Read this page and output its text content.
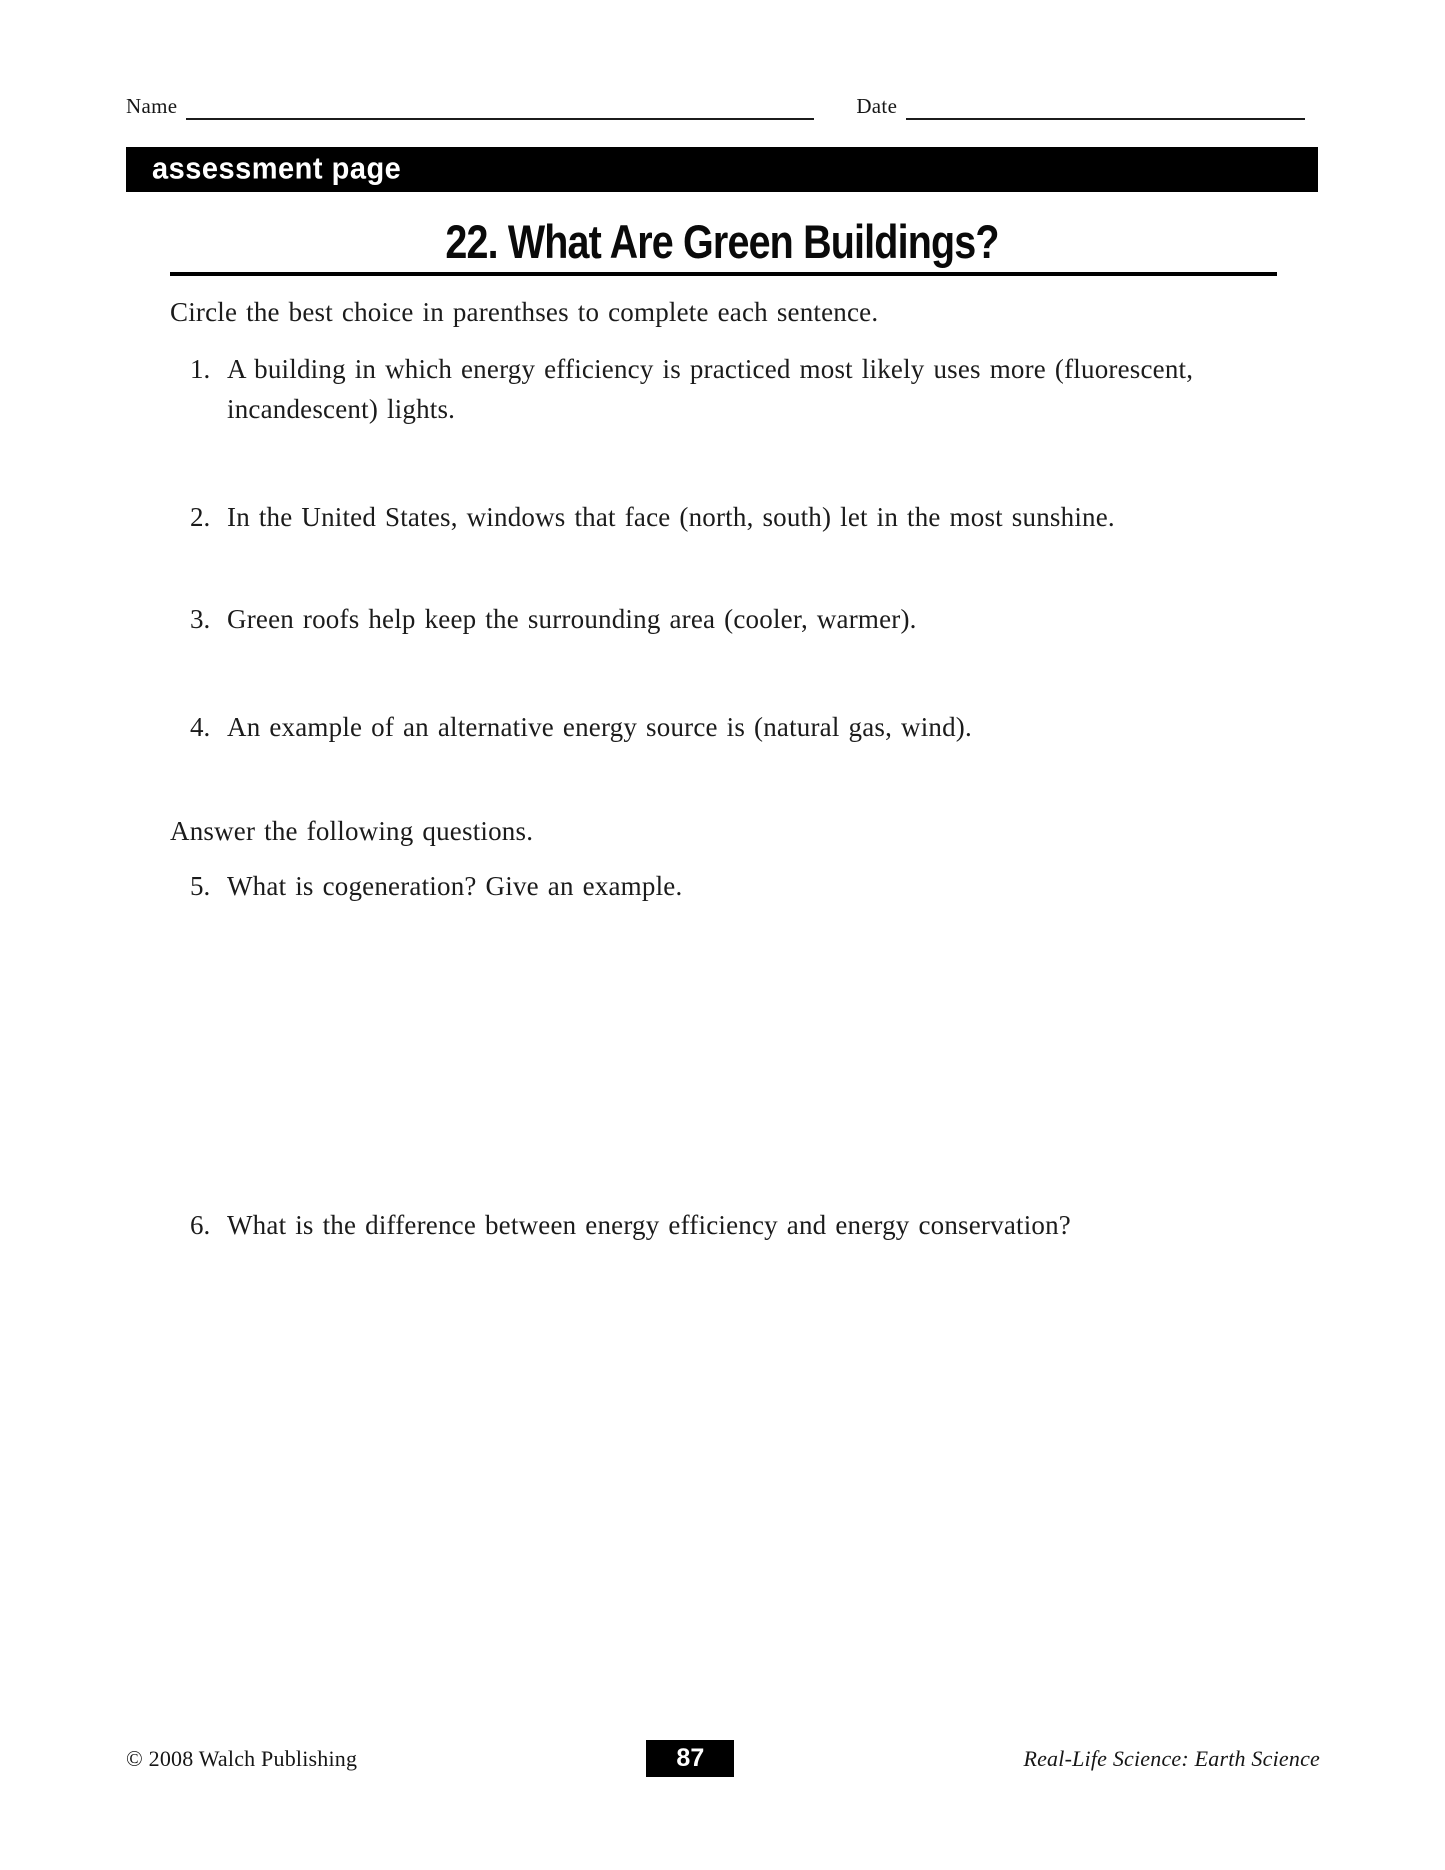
Name	Date
assessment page
22. What Are Green Buildings?

Circle the best choice in parenthses to complete each sentence.

1. A building in which energy efficiency is practiced most likely uses more (fluorescent, incandescent) lights.
2. In the United States, windows that face (north, south) let in the most sunshine.
3. Green roofs help keep the surrounding area (cooler, warmer).
4. An example of an alternative energy source is (natural gas, wind).

Answer the following questions.

5. What is cogeneration? Give an example.
6. What is the difference between energy efficiency and energy conservation?
© 2008 Walch Publishing	87	Real-Life Science: Earth Science
